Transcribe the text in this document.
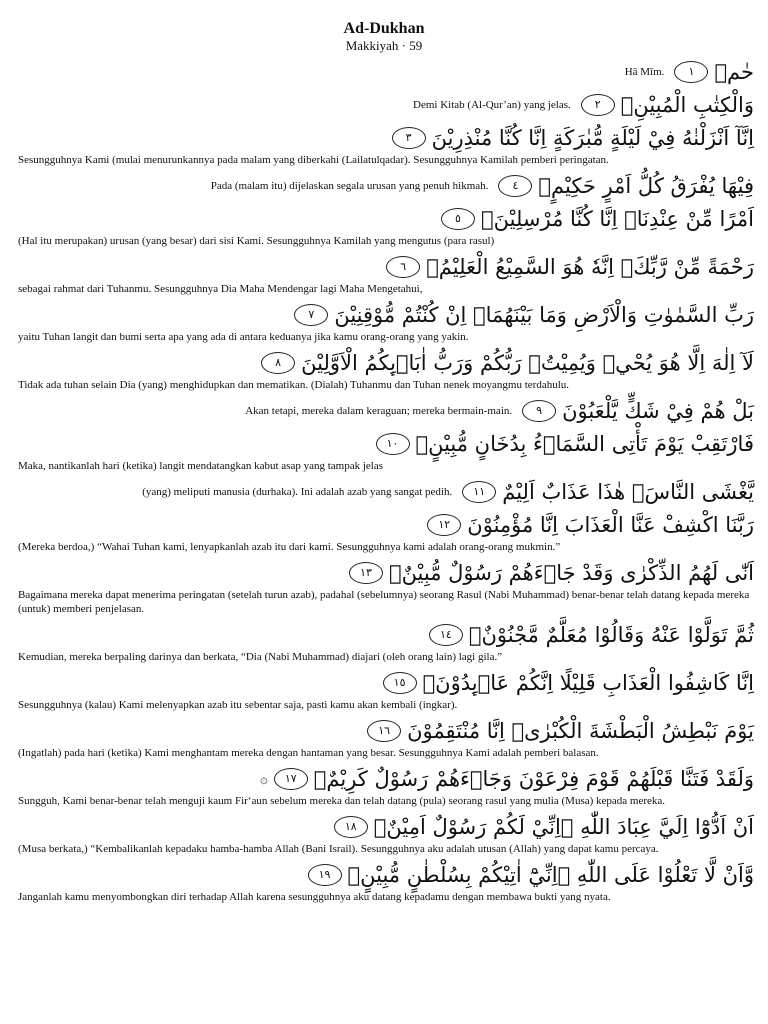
Ad-Dukhan
Makkiyah · 59
حٰمۤ
١
Hā Mīm.
وَالْكِتٰبِ الْمُبِيْنِۙ
٢
Demi Kitab (Al-Qur’an) yang jelas.
اِنَّآ اَنْزَلْنٰهُ فِيْ لَيْلَةٍ مُّبٰرَكَةٍ اِنَّا كُنَّا مُنْذِرِيْنَ
٣
Sesungguhnya Kami (mulai menurunkannya pada malam yang diberkahi (Lailatulqadar). Sesungguhnya Kamilah pemberi peringatan.
فِيْهَا يُفْرَقُ كُلُّ اَمْرٍ حَكِيْمٍۙ
٤
Pada (malam itu) dijelaskan segala urusan yang penuh hikmah.
اَمْرًا مِّنْ عِنْدِنَاۗ اِنَّا كُنَّا مُرْسِلِيْنَۖ
٥
(Hal itu merupakan) urusan (yang besar) dari sisi Kami. Sesungguhnya Kamilah yang mengutus (para rasul)
رَحْمَةً مِّنْ رَّبِّكَۗ اِنَّهٗ هُوَ السَّمِيْعُ الْعَلِيْمُۗ
٦
sebagai rahmat dari Tuhanmu. Sesungguhnya Dia Maha Mendengar lagi Maha Mengetahui,
رَبِّ السَّمٰوٰتِ وَالْاَرْضِ وَمَا بَيْنَهُمَاۘ اِنْ كُنْتُمْ مُّوْقِنِيْنَ
٧
yaitu Tuhan langit dan bumi serta apa yang ada di antara keduanya jika kamu orang-orang yang yakin.
لَآ اِلٰهَ اِلَّا هُوَ يُحْيٖ وَيُمِيْتُۗ رَبُّكُمْ وَرَبُّ اٰبَاۤىِٕكُمُ الْاَوَّلِيْنَ
٨
Tidak ada tuhan selain Dia (yang) menghidupkan dan mematikan. (Dialah) Tuhanmu dan Tuhan nenek moyangmu terdahulu.
بَلْ هُمْ فِيْ شَكٍّ يَّلْعَبُوْنَ
٩
Akan tetapi, mereka dalam keraguan; mereka bermain-main.
فَارْتَقِبْ يَوْمَ تَأْتِى السَّمَاۤءُ بِدُخَانٍ مُّبِيْنٍۙ
١٠
Maka, nantikanlah hari (ketika) langit mendatangkan kabut asap yang tampak jelas
يَّغْشَى النَّاسَۗ هٰذَا عَذَابٌ اَلِيْمٌ
١١
(yang) meliputi manusia (durhaka). Ini adalah azab yang sangat pedih.
رَبَّنَا اكْشِفْ عَنَّا الْعَذَابَ اِنَّا مُؤْمِنُوْنَ
١٢
(Mereka berdoa,) “Wahai Tuhan kami, lenyapkanlah azab itu dari kami. Sesungguhnya kami adalah orang-orang mukmin.”
اَنّٰى لَهُمُ الذِّكْرٰى وَقَدْ جَاۤءَهُمْ رَسُوْلٌ مُّبِيْنٌۙ
١٣
Bagaimana mereka dapat menerima peringatan (setelah turun azab), padahal (sebelumnya) seorang Rasul (Nabi Muhammad) benar-benar telah datang kepada mereka (untuk) memberi penjelasan.
ثُمَّ تَوَلَّوْا عَنْهُ وَقَالُوْا مُعَلَّمٌ مَّجْنُوْنٌۘ
١٤
Kemudian, mereka berpaling darinya dan berkata, “Dia (Nabi Muhammad) diajari (oleh orang lain) lagi gila.”
اِنَّا كَاشِفُوا الْعَذَابِ قَلِيْلًا اِنَّكُمْ عَاۤىِٕدُوْنَۘ
١٥
Sesungguhnya (kalau) Kami melenyapkan azab itu sebentar saja, pasti kamu akan kembali (ingkar).
يَوْمَ نَبْطِشُ الْبَطْشَةَ الْكُبْرٰىۚ اِنَّا مُنْتَقِمُوْنَ
١٦
(Ingatlah) pada hari (ketika) Kami menghantam mereka dengan hantaman yang besar. Sesungguhnya Kami adalah pemberi balasan.
وَلَقَدْ فَتَنَّا قَبْلَهُمْ قَوْمَ فِرْعَوْنَ وَجَاۤءَهُمْ رَسُوْلٌ كَرِيْمٌۙ
١٧
۞
Sungguh, Kami benar-benar telah menguji kaum Fir‘aun sebelum mereka dan telah datang (pula) seorang rasul yang mulia (Musa) kepada mereka.
اَنْ اَدُّوْٓا اِلَيَّ عِبَادَ اللّٰهِ ۗاِنِّيْ لَكُمْ رَسُوْلٌ اَمِيْنٌۙ
١٨
(Musa berkata,) “Kembalikanlah kepadaku hamba-hamba Allah (Bani Israil). Sesungguhnya aku adalah utusan (Allah) yang dapat kamu percaya.
وَّاَنْ لَّا تَعْلُوْا عَلَى اللّٰهِ ۗاِنِّيْٓ اٰتِيْكُمْ بِسُلْطٰنٍ مُّبِيْنٍۚ
١٩
Janganlah kamu menyombongkan diri terhadap Allah karena sesungguhnya aku datang kepadamu dengan membawa bukti yang nyata.
